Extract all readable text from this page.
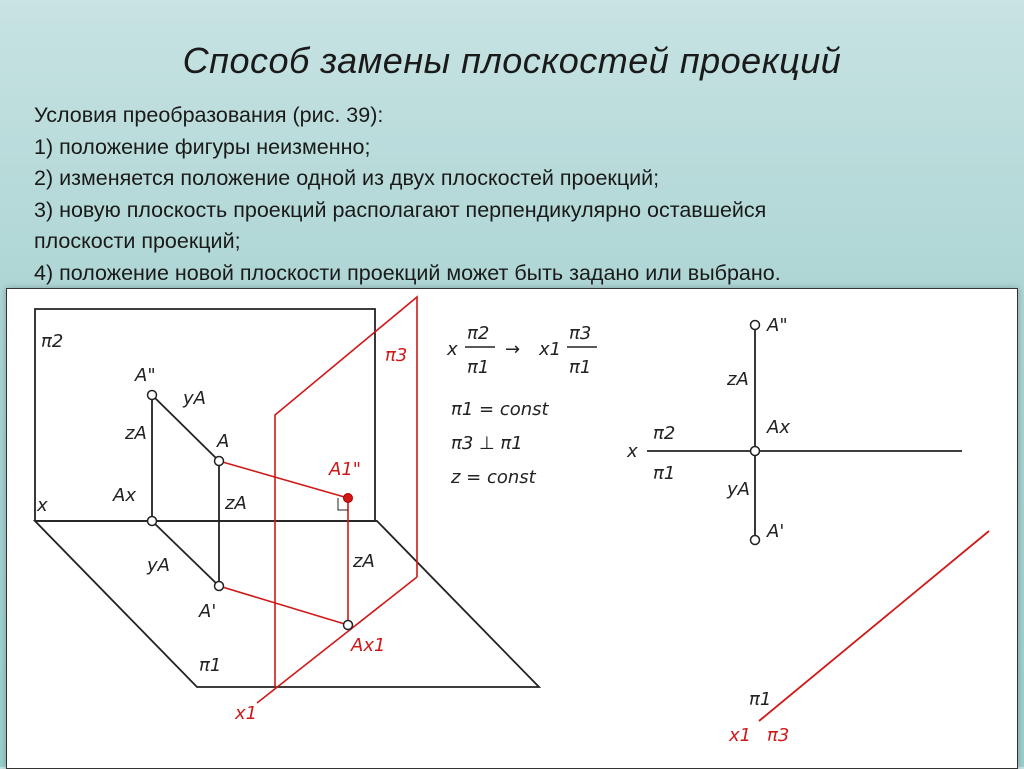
Способ замены плоскостей проекций
Условия преобразования (рис. 39):
1) положение фигуры неизменно;
2) изменяется положение одной из двух плоскостей проекций;
3) новую плоскость проекций располагают перпендикулярно оставшейся
плоскости проекций;
4) положение новой плоскости проекций может быть задано или выбрано.
π2
π3
x
A"
yA
zA	A
Ax	zA
yA
A'
A1"
zA
Ax1
π1
x1
x
π2
π1
→ x1
π3
π1
π1 = const
π3 ⊥ π1
z = const
A"
zA
Ax
x
π2
π1
yA
A'
π1
x1 π3
